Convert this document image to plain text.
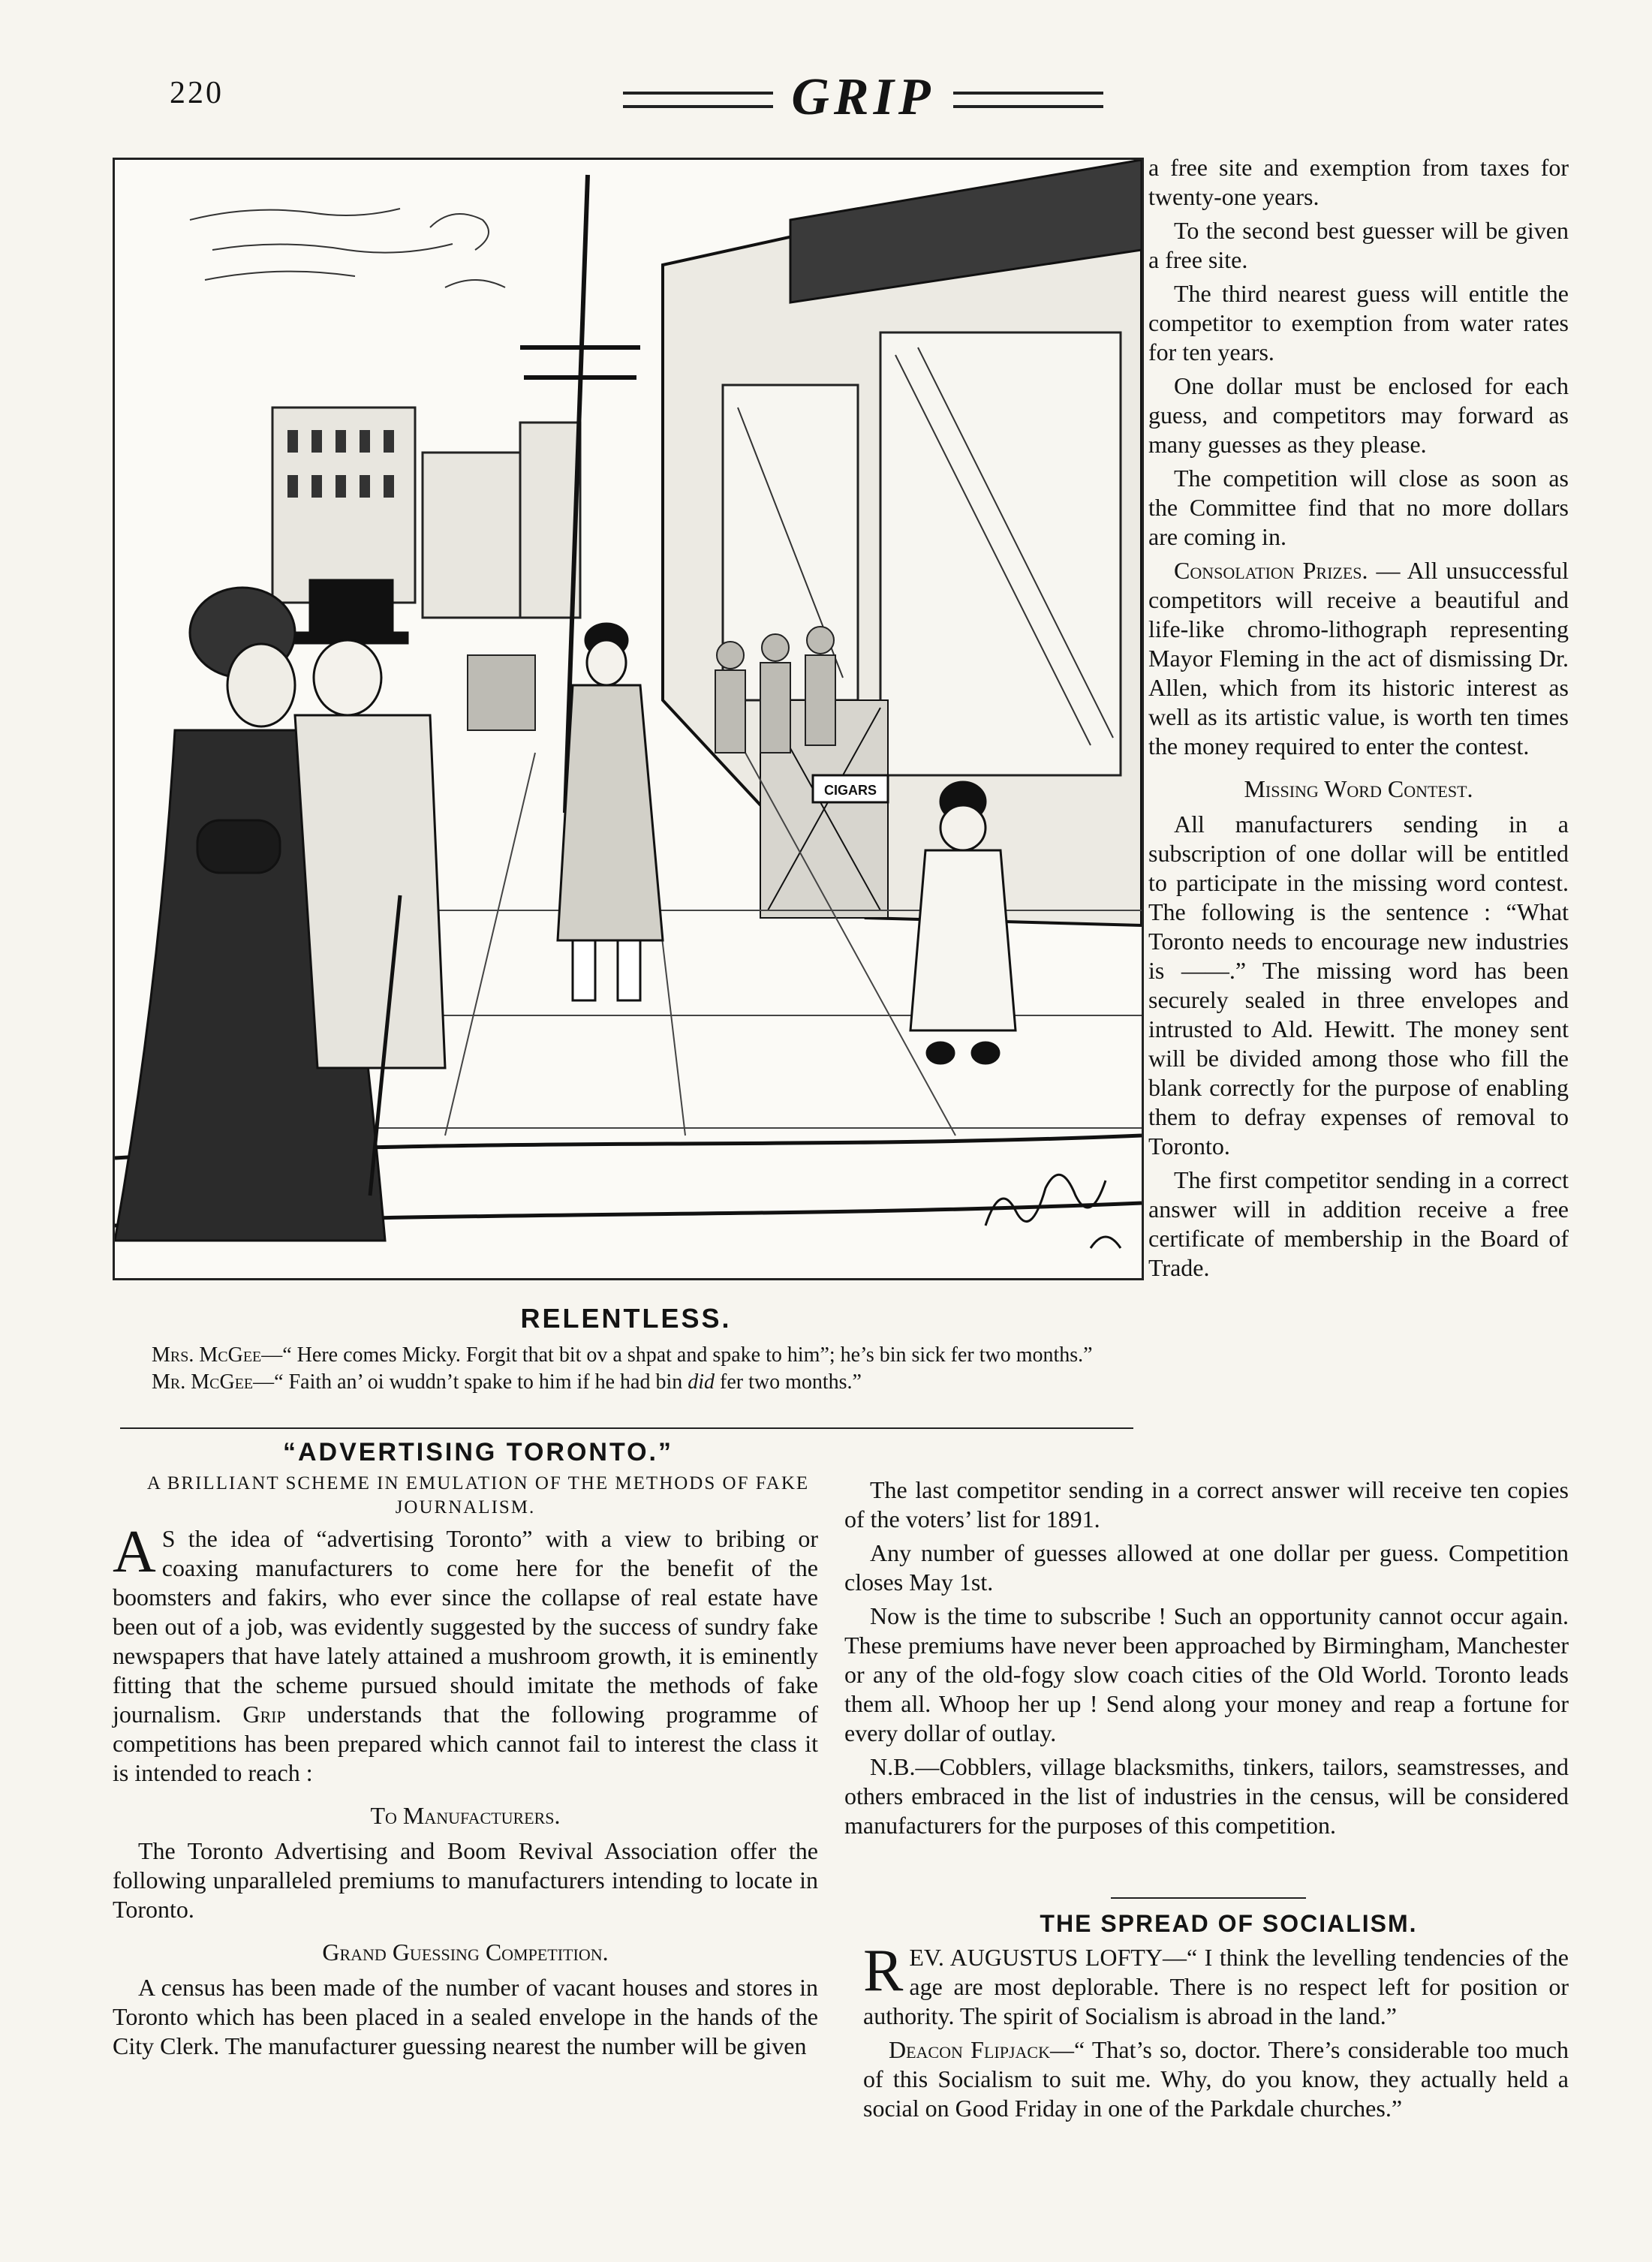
220	GRIP
CIGARS
RELENTLESS.

Mrs. McGee—“ Here comes Micky. Forgit that bit ov a shpat and spake to him”; he’s bin sick fer two months.”

Mr. McGee—“ Faith an’ oi wuddn’t spake to him if he had bin did fer two months.”

a free site and exemption from taxes for twenty-one years.

To the second best guesser will be given a free site.

The third nearest guess will entitle the competitor to exemption from water rates for ten years.

One dollar must be enclosed for each guess, and competitors may forward as many guesses as they please.

The competition will close as soon as the Committee find that no more dollars are coming in.

Consolation Prizes. — All unsuccessful competitors will receive a beautiful and life-like chromo-lithograph representing Mayor Fleming in the act of dismissing Dr. Allen, which from its historic interest as well as its artistic value, is worth ten times the money required to enter the contest.

Missing Word Contest.

All manufacturers sending in a subscription of one dollar will be entitled to participate in the missing word contest. The following is the sentence : “What Toronto needs to encourage new industries is ——.” The missing word has been securely sealed in three envelopes and intrusted to Ald. Hewitt. The money sent will be divided among those who fill the blank correctly for the purpose of enabling them to defray expenses of removal to Toronto.

The first competitor sending in a correct answer will in addition receive a free certificate of membership in the Board of Trade.

“ADVERTISING TORONTO.”

A BRILLIANT SCHEME IN EMULATION OF THE METHODS OF FAKE JOURNALISM.

A S the idea of “advertising Toronto” with a view to bribing or coaxing manufacturers to come here for the benefit of the boomsters and fakirs, who ever since the collapse of real estate have been out of a job, was evidently suggested by the success of sundry fake newspapers that have lately attained a mushroom growth, it is eminently fitting that the scheme pursued should imitate the methods of fake journalism. Grip understands that the following programme of competitions has been prepared which cannot fail to interest the class it is intended to reach :

To Manufacturers.

The Toronto Advertising and Boom Revival Association offer the following unparalleled premiums to manufacturers intending to locate in Toronto.

Grand Guessing Competition.

A census has been made of the number of vacant houses and stores in Toronto which has been placed in a sealed envelope in the hands of the City Clerk. The manufacturer guessing nearest the number will be given

The last competitor sending in a correct answer will receive ten copies of the voters’ list for 1891.

Any number of guesses allowed at one dollar per guess. Competition closes May 1st.

Now is the time to subscribe ! Such an opportunity cannot occur again. These premiums have never been approached by Birmingham, Manchester or any of the old-fogy slow coach cities of the Old World. Toronto leads them all. Whoop her up ! Send along your money and reap a fortune for every dollar of outlay.

N.B.—Cobblers, village blacksmiths, tinkers, tailors, seamstresses, and others embraced in the list of industries in the census, will be considered manufacturers for the purposes of this competition.

THE SPREAD OF SOCIALISM.

REV. AUGUSTUS LOFTY—“ I think the levelling tendencies of the age are most deplorable. There is no respect left for position or authority. The spirit of Socialism is abroad in the land.”

Deacon Flipjack—“ That’s so, doctor. There’s considerable too much of this Socialism to suit me. Why, do you know, they actually held a social on Good Friday in one of the Parkdale churches.”
